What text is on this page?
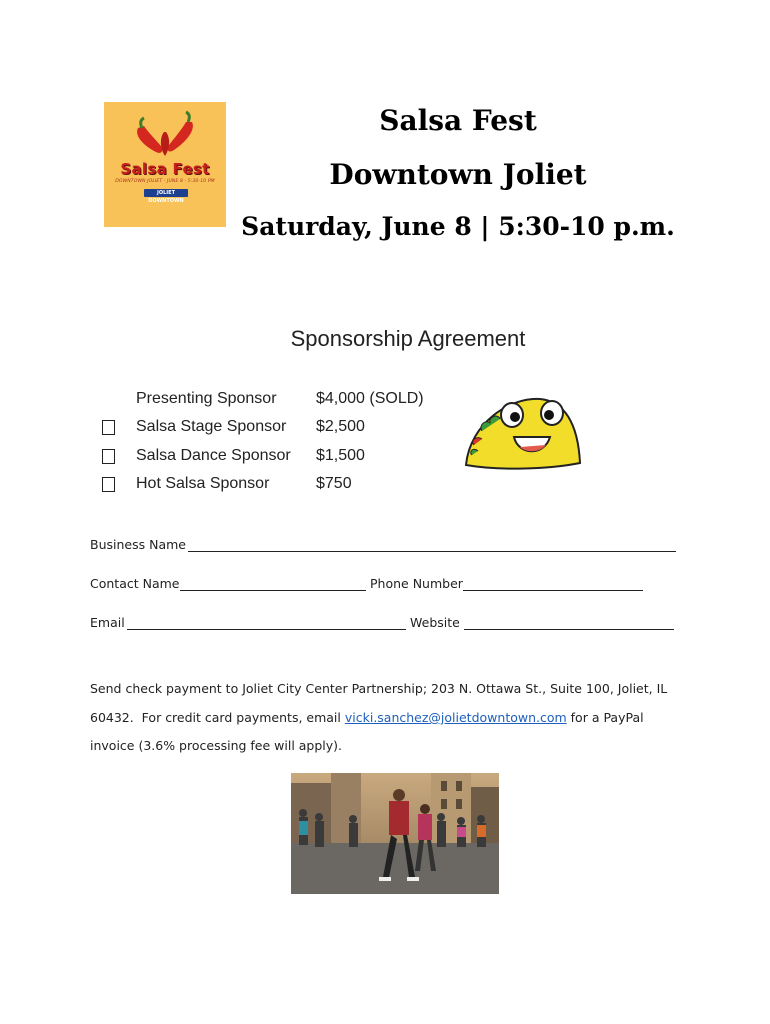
Salsa Fest
DOWNTOWN JOLIET · JUNE 8 · 5:30-10 PM
JOLIET DOWNTOWN
Salsa Fest
Downtown Joliet
Saturday, June 8 | 5:30-10 p.m.
Sponsorship Agreement
Presenting Sponsor $4,000 (SOLD)
Salsa Stage Sponsor $2,500
Salsa Dance Sponsor $1,500
Hot Salsa Sponsor	$750
Business Name
Contact Name	Phone Number
Email	Website
Send check payment to Joliet City Center Partnership; 203 N. Ottawa St., Suite 100, Joliet, IL
60432.  For credit card payments, email vicki.sanchez@jolietdowntown.com for a PayPal
invoice (3.6% processing fee will apply).
